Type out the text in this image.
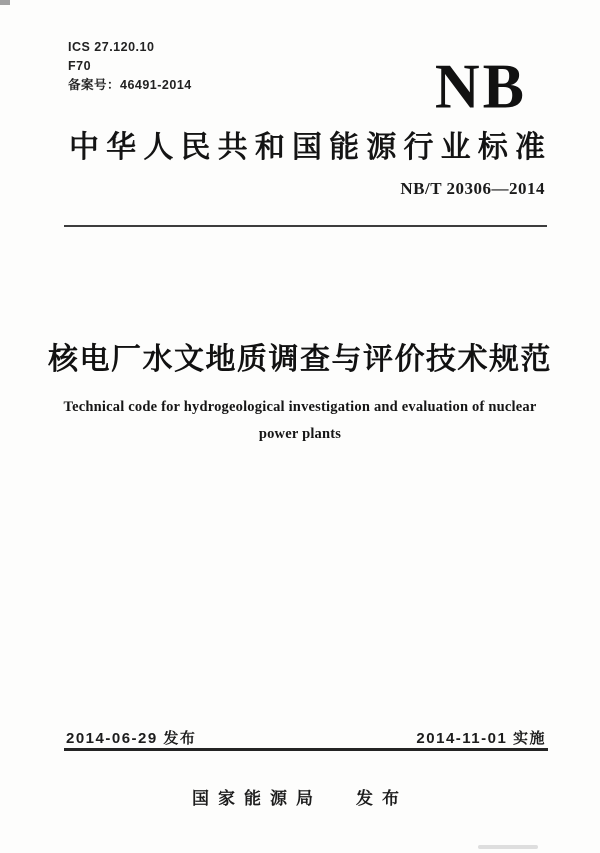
ICS 27.120.10
F70
备案号：46491-2014	NB
中华人民共和国能源行业标准
NB/T 20306—2014
核电厂水文地质调查与评价技术规范
Technical code for hydrogeological investigation and evaluation of nuclear
power plants
2014-06-29 发布	2014-11-01 实施
国家能源局 发布
